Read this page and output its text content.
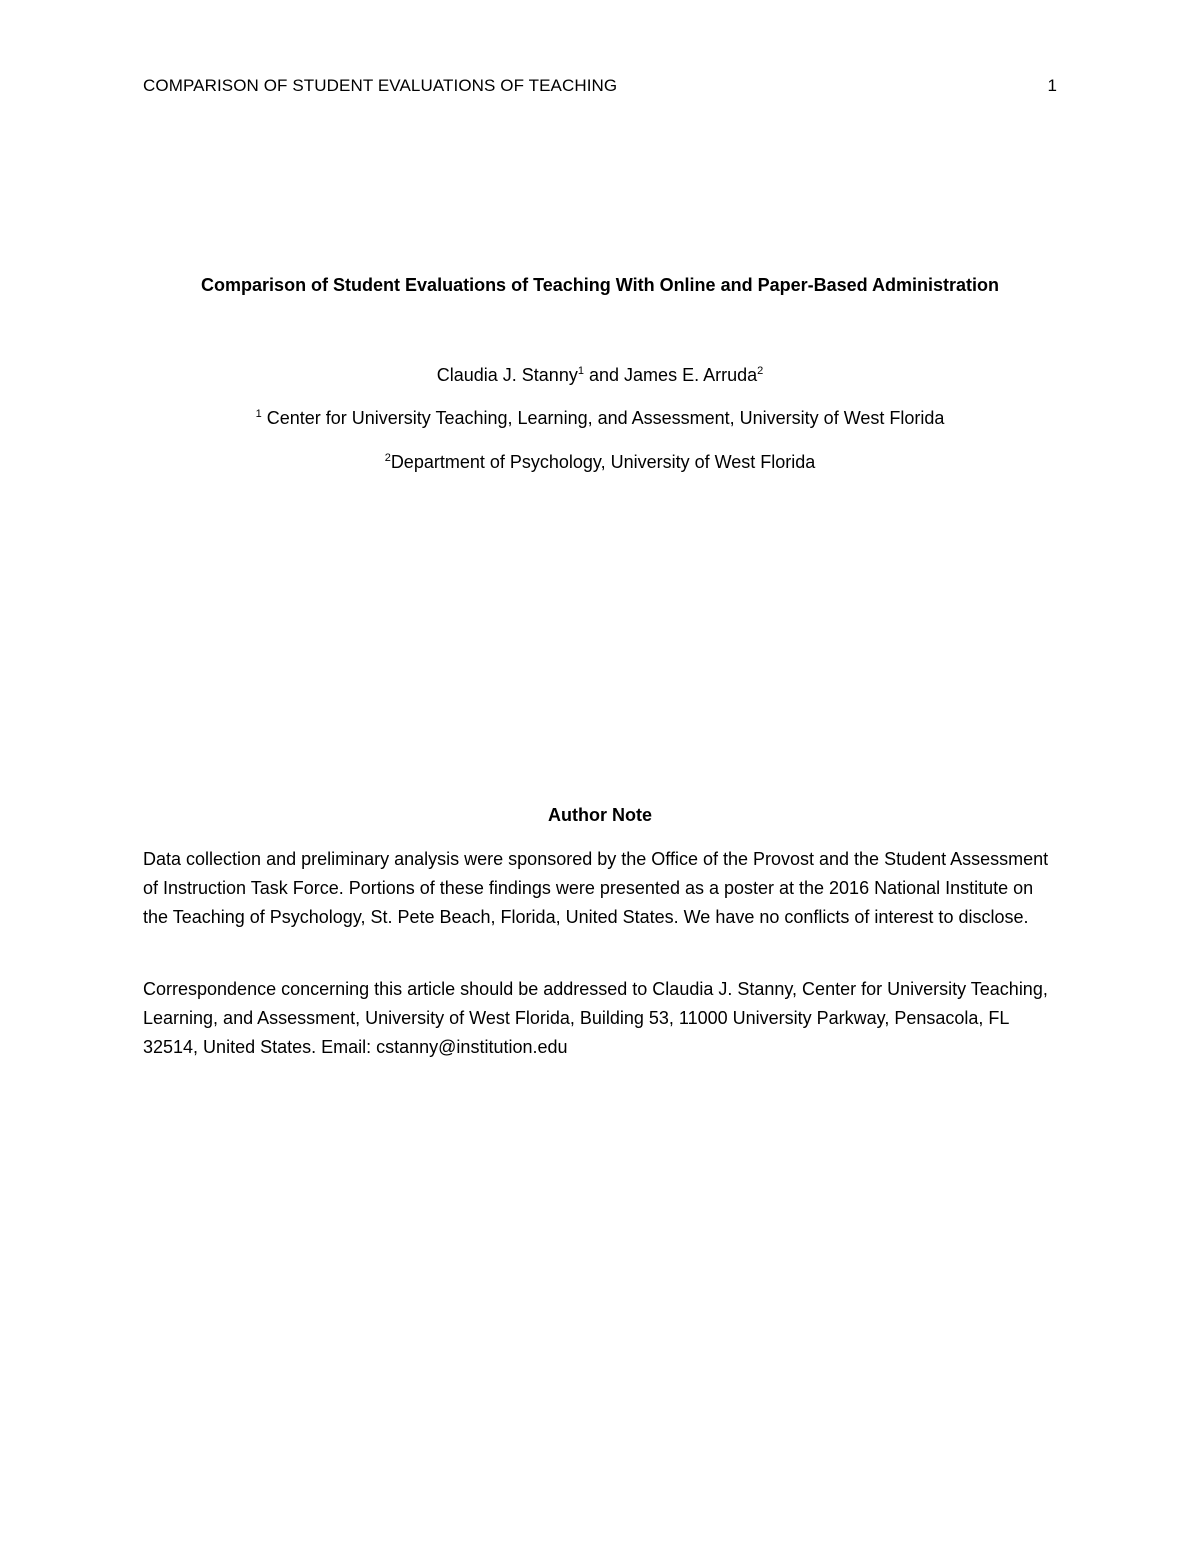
COMPARISON OF STUDENT EVALUATIONS OF TEACHING	1
Comparison of Student Evaluations of Teaching With Online and Paper-Based Administration
Claudia J. Stanny$^1$ and James E. Arruda$^2$
$^1$ Center for University Teaching, Learning, and Assessment, University of West Florida
$^2$Department of Psychology, University of West Florida
Author Note

Data collection and preliminary analysis were sponsored by the Office of the Provost and the Student Assessment of Instruction Task Force. Portions of these findings were presented as a poster at the 2016 National Institute on the Teaching of Psychology, St. Pete Beach, Florida, United States. We have no conflicts of interest to disclose.

Correspondence concerning this article should be addressed to Claudia J. Stanny, Center for University Teaching, Learning, and Assessment, University of West Florida, Building 53, 11000 University Parkway, Pensacola, FL 32514, United States. Email: cstanny@institution.edu
